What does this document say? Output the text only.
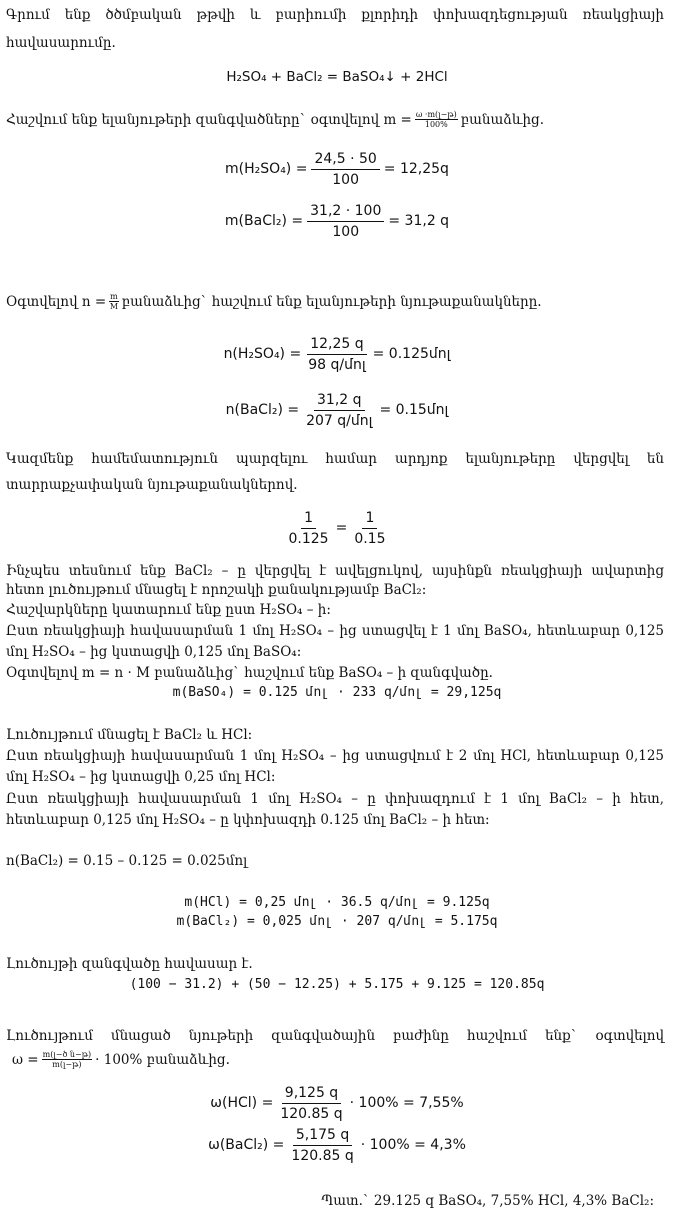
Գրում ենք ծծմբական թթվի և բարիումի քլորիդի փոխազդեցության ռեակցիայի
հավասարումը.
H₂SO₄ + BaCl₂ = BaSO₄↓ + 2HCl
Հաշվում ենք ելանյութերի զանգվածները` օգտվելով $m = \frac{\text{ω ·m(լ−թ)}}{100\%}$ բանաձևից.
$m(H_2SO_4) = \frac{24,5 \cdot 50}{100} = 12,25q$
m(BaCl₂) = $\frac{31,2 \cdot 100}{100} = 31,2$ q
Օգտվելով $n = \frac{m}{M}$ բանաձևից` հաշվում ենք ելանյութերի նյութաքանակները.
$n(H_2SO_4) = \frac{12,25 q}{\text{98 q/մոլ}}$ = 0.125մոլ
n(BaCl₂) = $\frac{31,2 q}{\text{207 q/մոլ}}$ = 0.15մոլ
Կազմենք համեմատություն պարզելու համար արդյոք ելանյութերը վերցվել են
տարրաքչափական նյութաքանակներով.
$\frac{1}{0.125} = \frac{1}{0.15}$
Ինչպես տեսնում ենք BaCl₂ – ը վերցվել է ավելցուկով, այսինքն ռեակցիայի ավարտից
հետո լուծույթում մնացել է որոշակի քանակությամբ BaCl₂:
Հաշվարկները կատարում ենք ըստ H₂SO₄ – ի:
Ըստ ռեակցիայի հավասարման 1 մոլ H₂SO₄ – ից ստացվել է 1 մոլ BaSO₄, հետևաբար 0,125
մոլ H₂SO₄ – ից կստացվի 0,125 մոլ BaSO₄:
Օգտվելով m = n · M բանաձևից` հաշվում ենք BaSO₄ – ի զանգվածը.
m(BaSO₄) = 0.125 մոլ · 233 q/մոլ = 29,125q
Լուծույթում մնացել է BaCl₂ և HCl:
Ըստ ռեակցիայի հավասարման 1 մոլ H₂SO₄ – ից ստացվում է 2 մոլ HCl, հետևաբար 0,125
մոլ H₂SO₄ – ից կստացվի 0,25 մոլ HCl:
Ըստ ռեակցիայի հավասարման 1 մոլ H₂SO₄ – ը փոխազդում է 1 մոլ BaCl₂ – ի հետ,
հետևաբար 0,125 մոլ H₂SO₄ – ը կփոխազդի 0.125 մոլ BaCl₂ – ի հետ:
n(BaCl₂) = 0.15 – 0.125 = 0.025մոլ
m(HCl) = 0,25 մոլ · 36.5 q/մոլ = 9.125q
m(BaCl₂) = 0,025 մոլ · 207 q/մոլ = 5.175q
Լուծույթի զանգվածը հավասար է.
(100 − 31.2) + (50 − 12.25) + 5.175 + 9.125 = 120.85q
Լուծույթում մնացած նյութերի զանգվածային բաժինը հաշվում ենք` օգտվելով
$\omega = \frac{\text{m(լ−ծ ն−թ)}}{\text{m(լ−թ)}} \cdot 100\%$ բանաձևից.
$\omega(HCl) = \frac{9,125 q}{120.85 q} \cdot 100\% = 7,55\%$
ω(BaCl₂) = $\frac{5,175 q}{120.85 q} \cdot 100\% = 4,3\%$
Պատ.` 29.125 q BaSO₄, 7,55% HCl, 4,3% BaCl₂:
